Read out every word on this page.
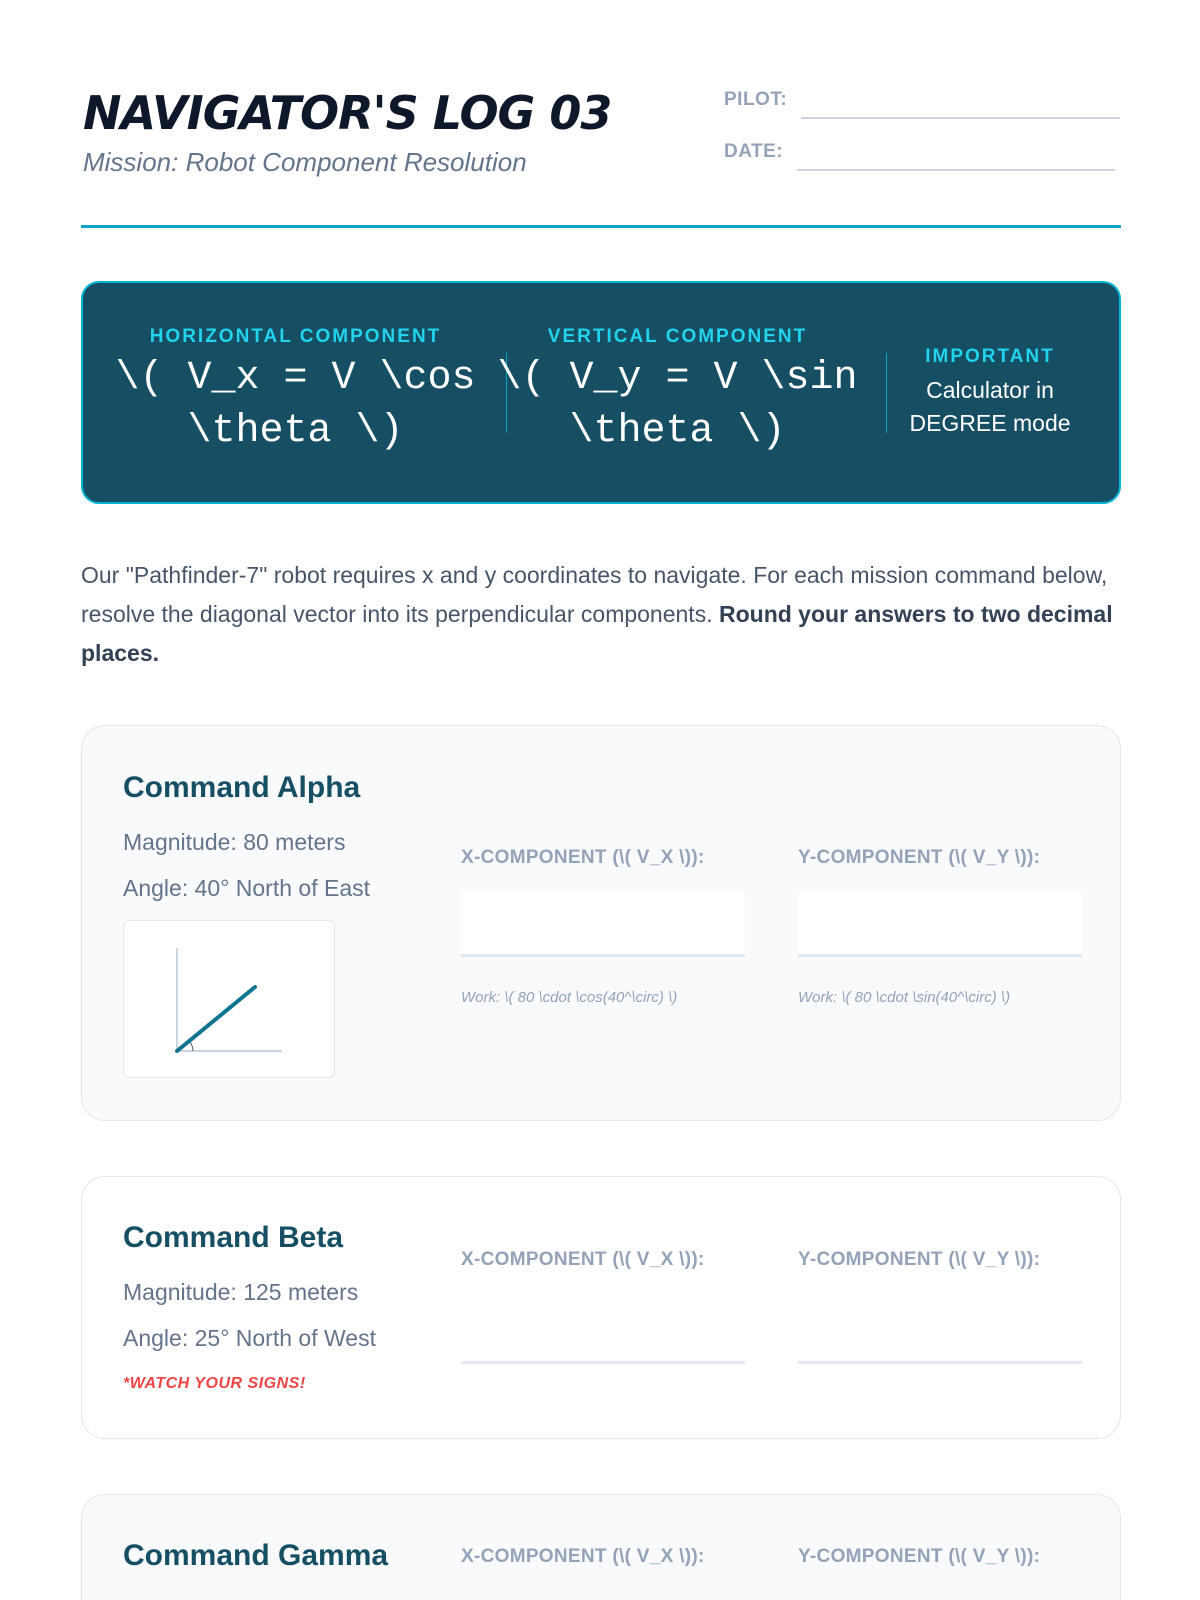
NAVIGATOR'S LOG 03
Mission: Robot Component Resolution
PILOT:
DATE:
HORIZONTAL COMPONENT
\( V_x = V \cos
\theta \)
VERTICAL COMPONENT
\( V_y = V \sin
\theta \)
IMPORTANT
Calculator in
DEGREE mode

Our "Pathfinder-7" robot requires x and y coordinates to navigate. For each mission command below, resolve the diagonal vector into its perpendicular components. Round your answers to two decimal places.

Command Alpha
Magnitude: 80 meters
Angle: 40° North of East
X-COMPONENT (\( V_X \)):	Y-COMPONENT (\( V_Y \)):
Work: \( 80 \cdot \cos(40^\circ) \)	Work: \( 80 \cdot \sin(40^\circ) \)
Command Beta
Magnitude: 125 meters
Angle: 25° North of West
*WATCH YOUR SIGNS!
X-COMPONENT (\( V_X \)):	Y-COMPONENT (\( V_Y \)):
Command Gamma	X-COMPONENT (\( V_X \)):	Y-COMPONENT (\( V_Y \)):
